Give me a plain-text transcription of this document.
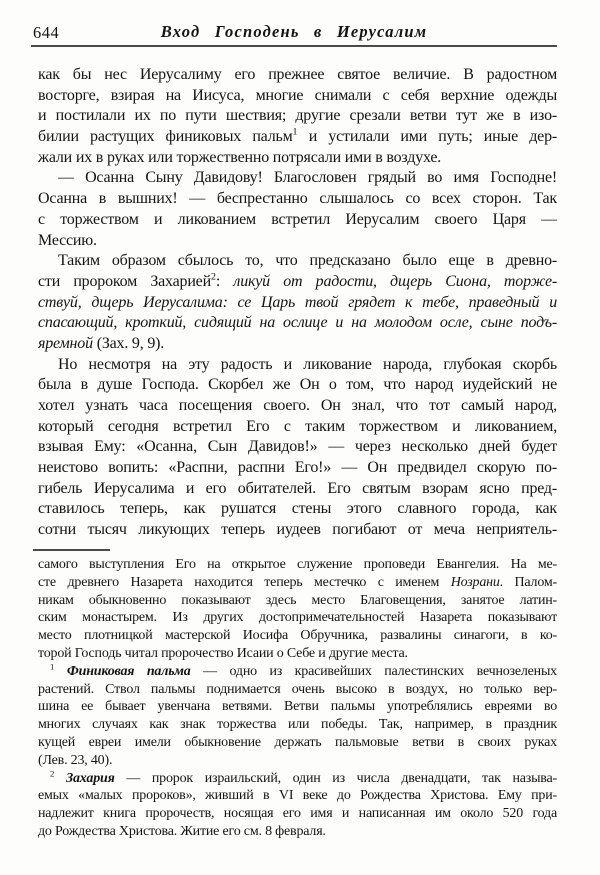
644	Вход Господень в Иерусалим
как бы нес Иерусалиму его прежнее святое величие. В радостном
восторге, взирая на Иисуса, многие снимали с себя верхние одежды
и постилали их по пути шествия; другие срезали ветви тут же в изо-
билии растущих финиковых пальм$^1$ и устилали ими путь; иные дер-
жали их в руках или торжественно потрясали ими в воздухе.
— Осанна Сыну Давидову! Благословен грядый во имя Господне!
Осанна в вышних! — беспрестанно слышалось со всех сторон. Так
с торжеством и ликованием встретил Иерусалим своего Царя —
Мессию.
Таким образом сбылось то, что предсказано было еще в древно-
сти пророком Захарией$^2$: ликуй от радости, дщерь Сиона, торже-
ствуй, дщерь Иерусалима: се Царь твой грядет к тебе, праведный и
спасающий, кроткий, сидящий на ослице и на молодом осле, сыне подъ-
яремной (Зах. 9, 9).
Но несмотря на эту радость и ликование народа, глубокая скорбь
была в душе Господа. Скорбел же Он о том, что народ иудейский не
хотел узнать часа посещения своего. Он знал, что тот самый народ,
который сегодня встретил Его с таким торжеством и ликованием,
взывая Ему: «Осанна, Сын Давидов!» — через несколько дней будет
неистово вопить: «Распни, распни Его!» — Он предвидел скорую по-
гибель Иерусалима и его обитателей. Его святым взорам ясно пред-
ставилось теперь, как рушатся стены этого славного города, как
сотни тысяч ликующих теперь иудеев погибают от меча неприятель-
самого выступления Его на открытое служение проповеди Евангелия. На ме-
сте древнего Назарета находится теперь местечко с именем Нозрани. Палом-
никам обыкновенно показывают здесь место Благовещения, занятое латин-
ским монастырем. Из других достопримечательностей Назарета показывают
место плотницкой мастерской Иосифа Обручника, развалины синагоги, в ко-
торой Господь читал пророчество Исаии о Себе и другие места.
$^1$ Финиковая пальма — одно из красивейших палестинских вечнозеленых
растений. Ствол пальмы поднимается очень высоко в воздух, но только вер-
шина ее бывает увенчана ветвями. Ветви пальмы употреблялись евреями во
многих случаях как знак торжества или победы. Так, например, в праздник
кущей евреи имели обыкновение держать пальмовые ветви в своих руках
(Лев. 23, 40).
$^2$ Захария — пророк израильский, один из числа двенадцати, так называ-
емых «малых пророков», живший в VI веке до Рождества Христова. Ему при-
надлежит книга пророчеств, носящая его имя и написанная им около 520 года
до Рождества Христова. Житие его см. 8 февраля.
